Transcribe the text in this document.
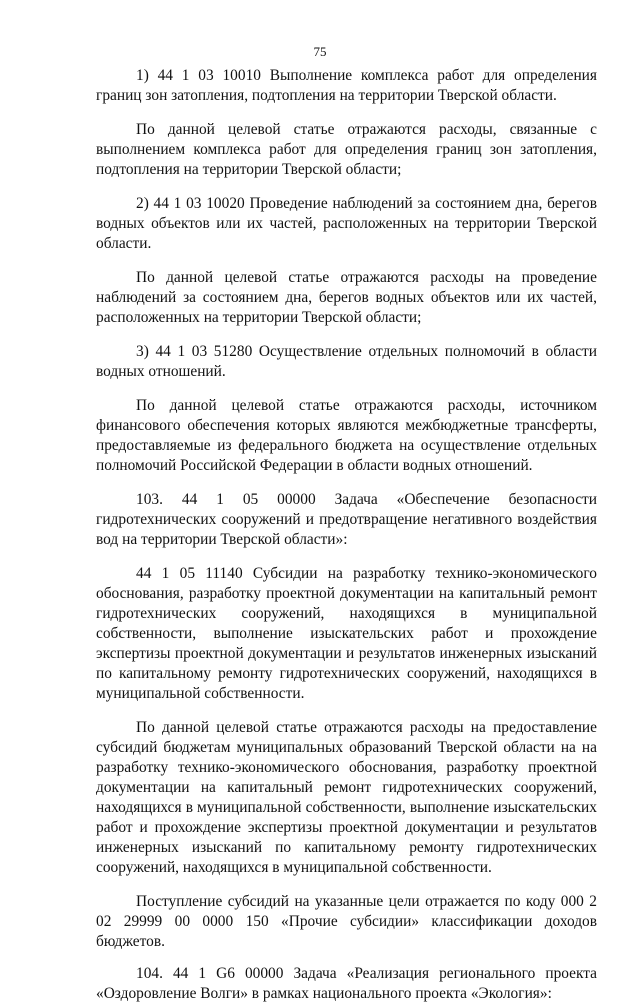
75

1) 44 1 03 10010 Выполнение комплекса работ для определения границ зон затопления, подтопления на территории Тверской области.

По данной целевой статье отражаются расходы, связанные с выполнением комплекса работ для определения границ зон затопления, подтопления на территории Тверской области;

2) 44 1 03 10020 Проведение наблюдений за состоянием дна, берегов водных объектов или их частей, расположенных на территории Тверской области.

По данной целевой статье отражаются расходы на проведение наблюдений за состоянием дна, берегов водных объектов или их частей, расположенных на территории Тверской области;

3) 44 1 03 51280 Осуществление отдельных полномочий в области водных отношений.

По данной целевой статье отражаются расходы, источником финансового обеспечения которых являются межбюджетные трансферты, предоставляемые из федерального бюджета на осуществление отдельных полномочий Российской Федерации в области водных отношений.

103. 44 1 05 00000 Задача «Обеспечение безопасности гидротехнических сооружений и предотвращение негативного воздействия вод на территории Тверской области»:

44 1 05 11140 Субсидии на разработку технико-экономического обоснования, разработку проектной документации на капитальный ремонт гидротехнических сооружений, находящихся в муниципальной собственности, выполнение изыскательских работ и прохождение экспертизы проектной документации и результатов инженерных изысканий по капитальному ремонту гидротехнических сооружений, находящихся в муниципальной собственности.

По данной целевой статье отражаются расходы на предоставление субсидий бюджетам муниципальных образований Тверской области на на разработку технико-экономического обоснования, разработку проектной документации на капитальный ремонт гидротехнических сооружений, находящихся в муниципальной собственности, выполнение изыскательских работ и прохождение экспертизы проектной документации и результатов инженерных изысканий по капитальному ремонту гидротехнических сооружений, находящихся в муниципальной собственности.

Поступление субсидий на указанные цели отражается по коду 000 2 02 29999 00 0000 150 «Прочие субсидии» классификации доходов бюджетов.

104. 44 1 G6 00000 Задача «Реализация регионального проекта «Оздоровление Волги» в рамках национального проекта «Экология»:
